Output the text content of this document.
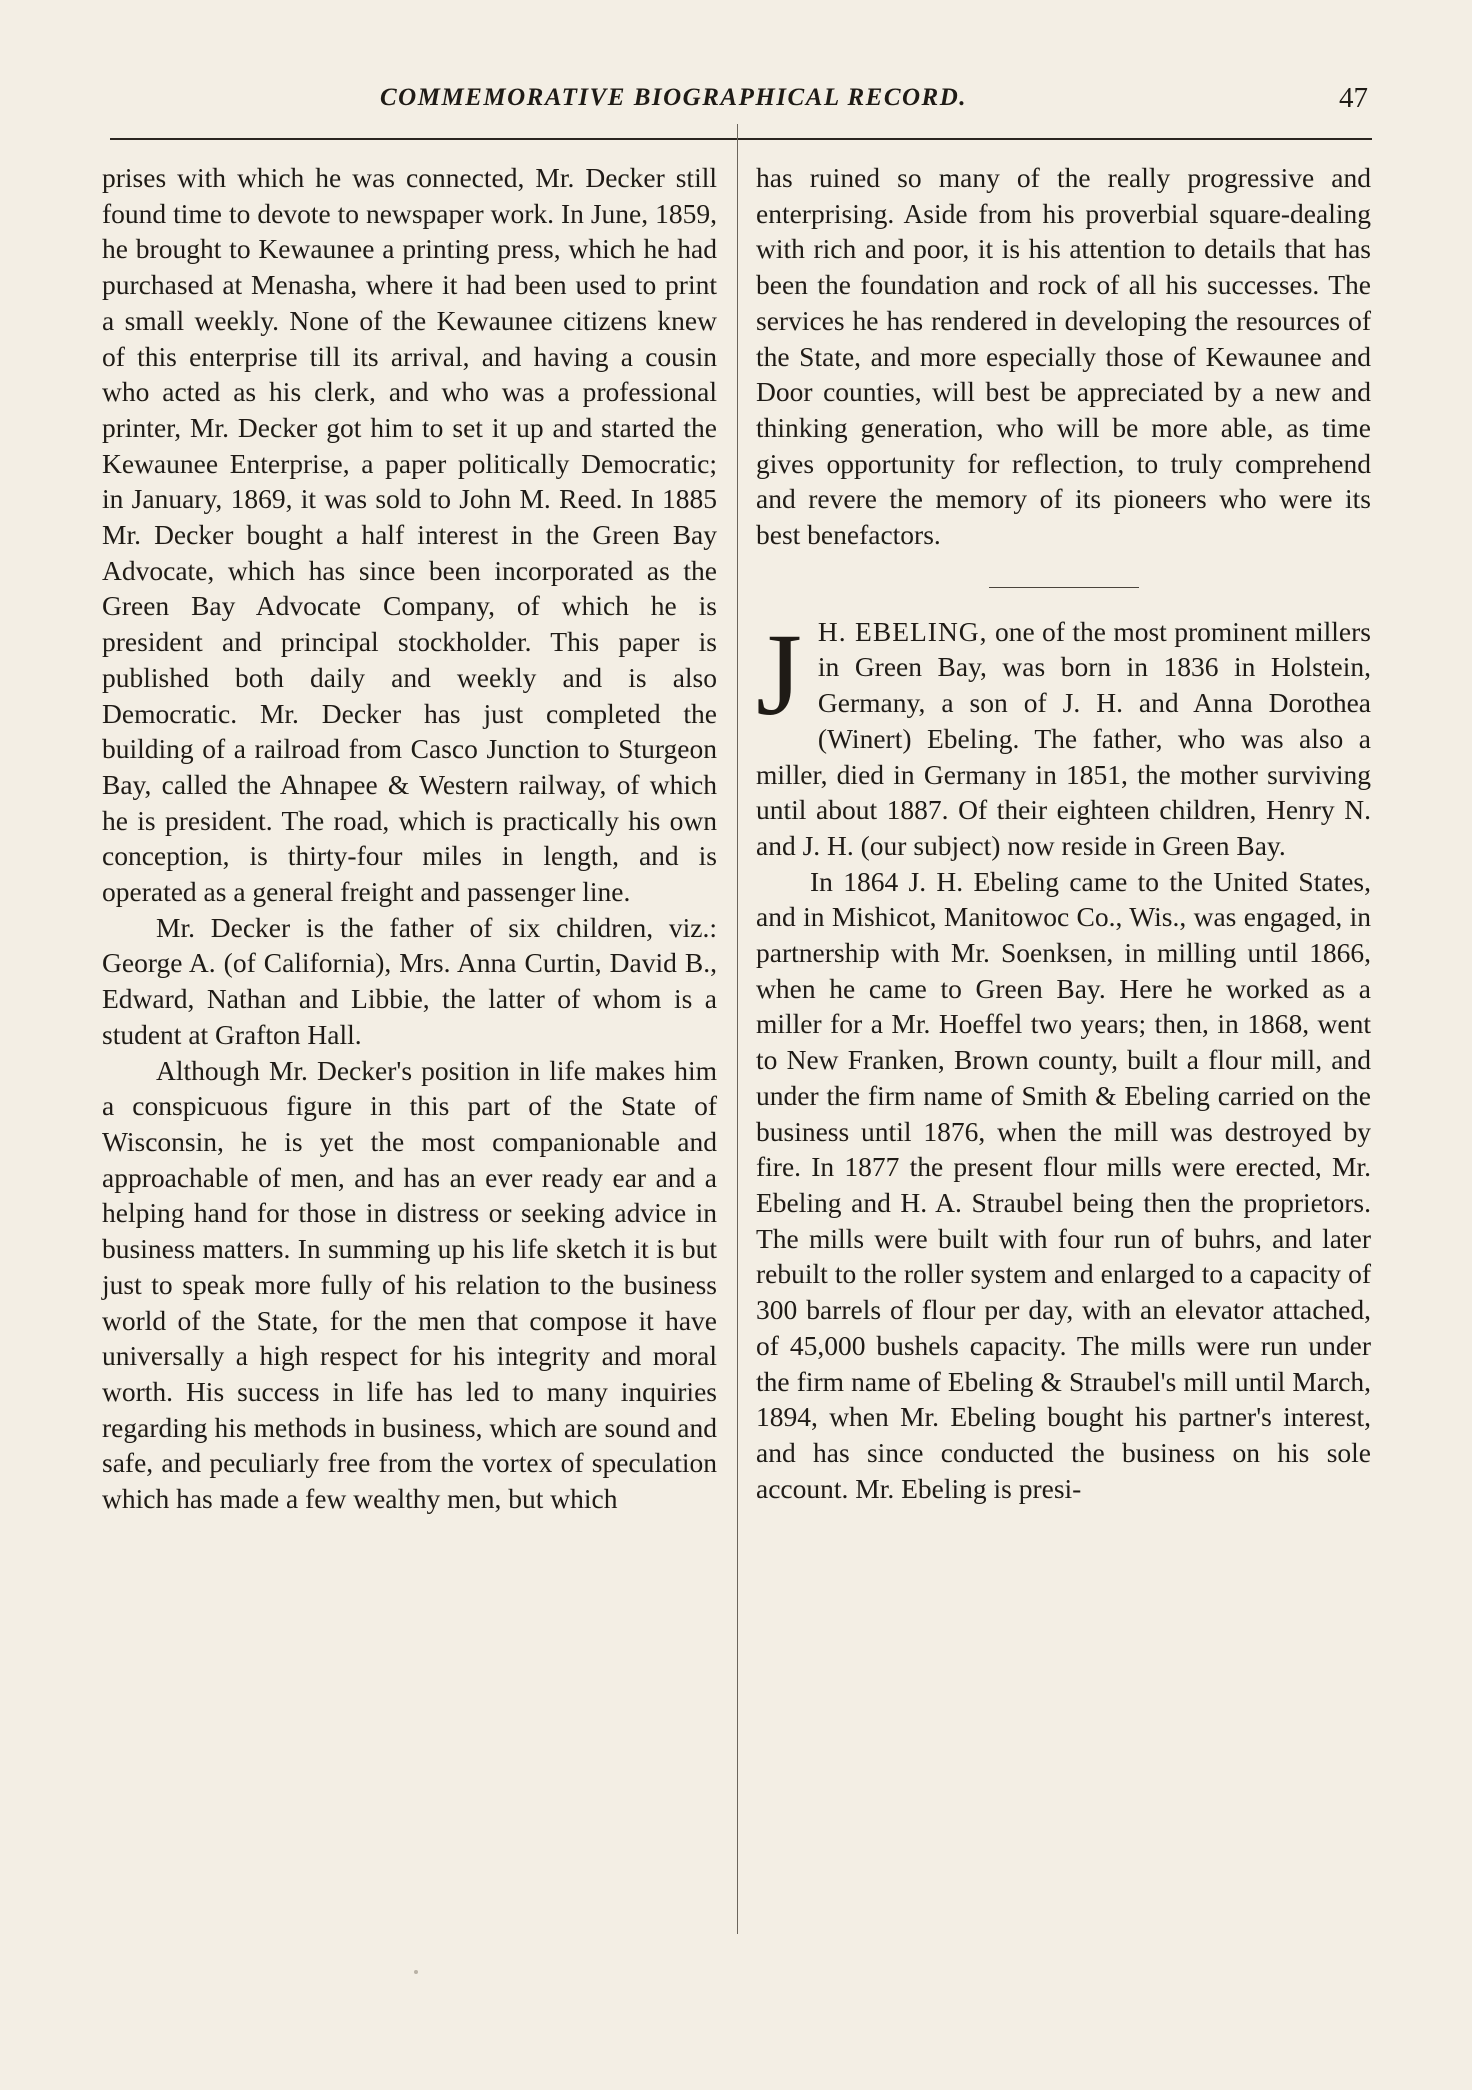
COMMEMORATIVE BIOGRAPHICAL RECORD.	47

prises with which he was connected, Mr. Decker still found time to devote to newspaper work. In June, 1859, he brought to Kewaunee a printing press, which he had purchased at Menasha, where it had been used to print a small weekly. None of the Kewaunee citizens knew of this enterprise till its arrival, and having a cousin who acted as his clerk, and who was a professional printer, Mr. Decker got him to set it up and started the Kewaunee Enterprise, a paper politically Democratic; in January, 1869, it was sold to John M. Reed. In 1885 Mr. Decker bought a half interest in the Green Bay Advocate, which has since been incorporated as the Green Bay Advocate Company, of which he is president and principal stockholder. This paper is published both daily and weekly and is also Democratic. Mr. Decker has just completed the building of a railroad from Casco Junction to Sturgeon Bay, called the Ahnapee & Western railway, of which he is president. The road, which is practically his own conception, is thirty-four miles in length, and is operated as a general freight and passenger line.

Mr. Decker is the father of six children, viz.: George A. (of California), Mrs. Anna Curtin, David B., Edward, Nathan and Libbie, the latter of whom is a student at Grafton Hall.

Although Mr. Decker's position in life makes him a conspicuous figure in this part of the State of Wisconsin, he is yet the most companionable and approachable of men, and has an ever ready ear and a helping hand for those in distress or seeking advice in business matters. In summing up his life sketch it is but just to speak more fully of his relation to the business world of the State, for the men that compose it have universally a high respect for his integrity and moral worth. His success in life has led to many inquiries regarding his methods in business, which are sound and safe, and peculiarly free from the vortex of speculation which has made a few wealthy men, but which

has ruined so many of the really progressive and enterprising. Aside from his proverbial square-dealing with rich and poor, it is his attention to details that has been the foundation and rock of all his successes. The services he has rendered in developing the resources of the State, and more especially those of Kewaunee and Door counties, will best be appreciated by a new and thinking generation, who will be more able, as time gives opportunity for reflection, to truly comprehend and revere the memory of its pioneers who were its best benefactors.

J H. EBELING, one of the most prominent millers in Green Bay, was born in 1836 in Holstein, Germany, a son of J. H. and Anna Dorothea (Winert) Ebeling. The father, who was also a miller, died in Germany in 1851, the mother surviving until about 1887. Of their eighteen children, Henry N. and J. H. (our subject) now reside in Green Bay.

In 1864 J. H. Ebeling came to the United States, and in Mishicot, Manitowoc Co., Wis., was engaged, in partnership with Mr. Soenksen, in milling until 1866, when he came to Green Bay. Here he worked as a miller for a Mr. Hoeffel two years; then, in 1868, went to New Franken, Brown county, built a flour mill, and under the firm name of Smith & Ebeling carried on the business until 1876, when the mill was destroyed by fire. In 1877 the present flour mills were erected, Mr. Ebeling and H. A. Straubel being then the proprietors. The mills were built with four run of buhrs, and later rebuilt to the roller system and enlarged to a capacity of 300 barrels of flour per day, with an elevator attached, of 45,000 bushels capacity. The mills were run under the firm name of Ebeling & Straubel's mill until March, 1894, when Mr. Ebeling bought his partner's interest, and has since conducted the business on his sole account. Mr. Ebeling is presi-
